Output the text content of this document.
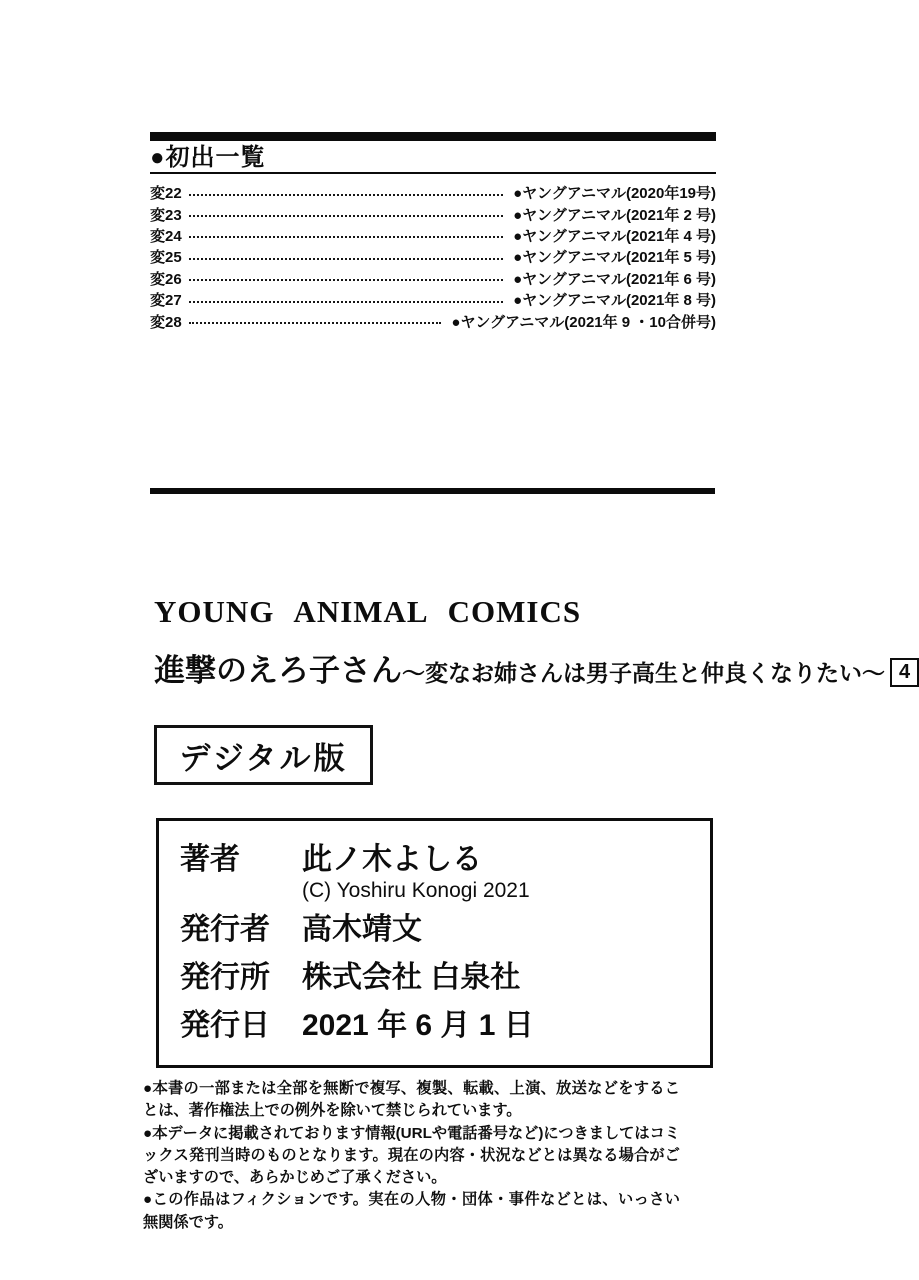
●初出一覧
変22	●ヤングアニマル(2020年19号)
変23	●ヤングアニマル(2021年 2 号)
変24	●ヤングアニマル(2021年 4 号)
変25	●ヤングアニマル(2021年 5 号)
変26	●ヤングアニマル(2021年 6 号)
変27	●ヤングアニマル(2021年 8 号)
変28	●ヤングアニマル(2021年 9 ・10合併号)
YOUNG ANIMAL COMICS
進撃のえろ子さん ～変なお姉さんは男子高生と仲良くなりたい～ 4
デジタル版
著者	此ノ木よしる
(C) Yoshiru Konogi 2021
発行者	高木靖文
発行所	株式会社 白泉社
発行日	2021 年 6 月 1 日

●本書の一部または全部を無断で複写、複製、転載、上演、放送などをすることは、著作権法上での例外を除いて禁じられています。

●本データに掲載されております情報(URLや電話番号など)につきましてはコミックス発刊当時のものとなります。現在の内容・状況などとは異なる場合がございますので、あらかじめご了承ください。

●この作品はフィクションです。実在の人物・団体・事件などとは、いっさい無関係です。
